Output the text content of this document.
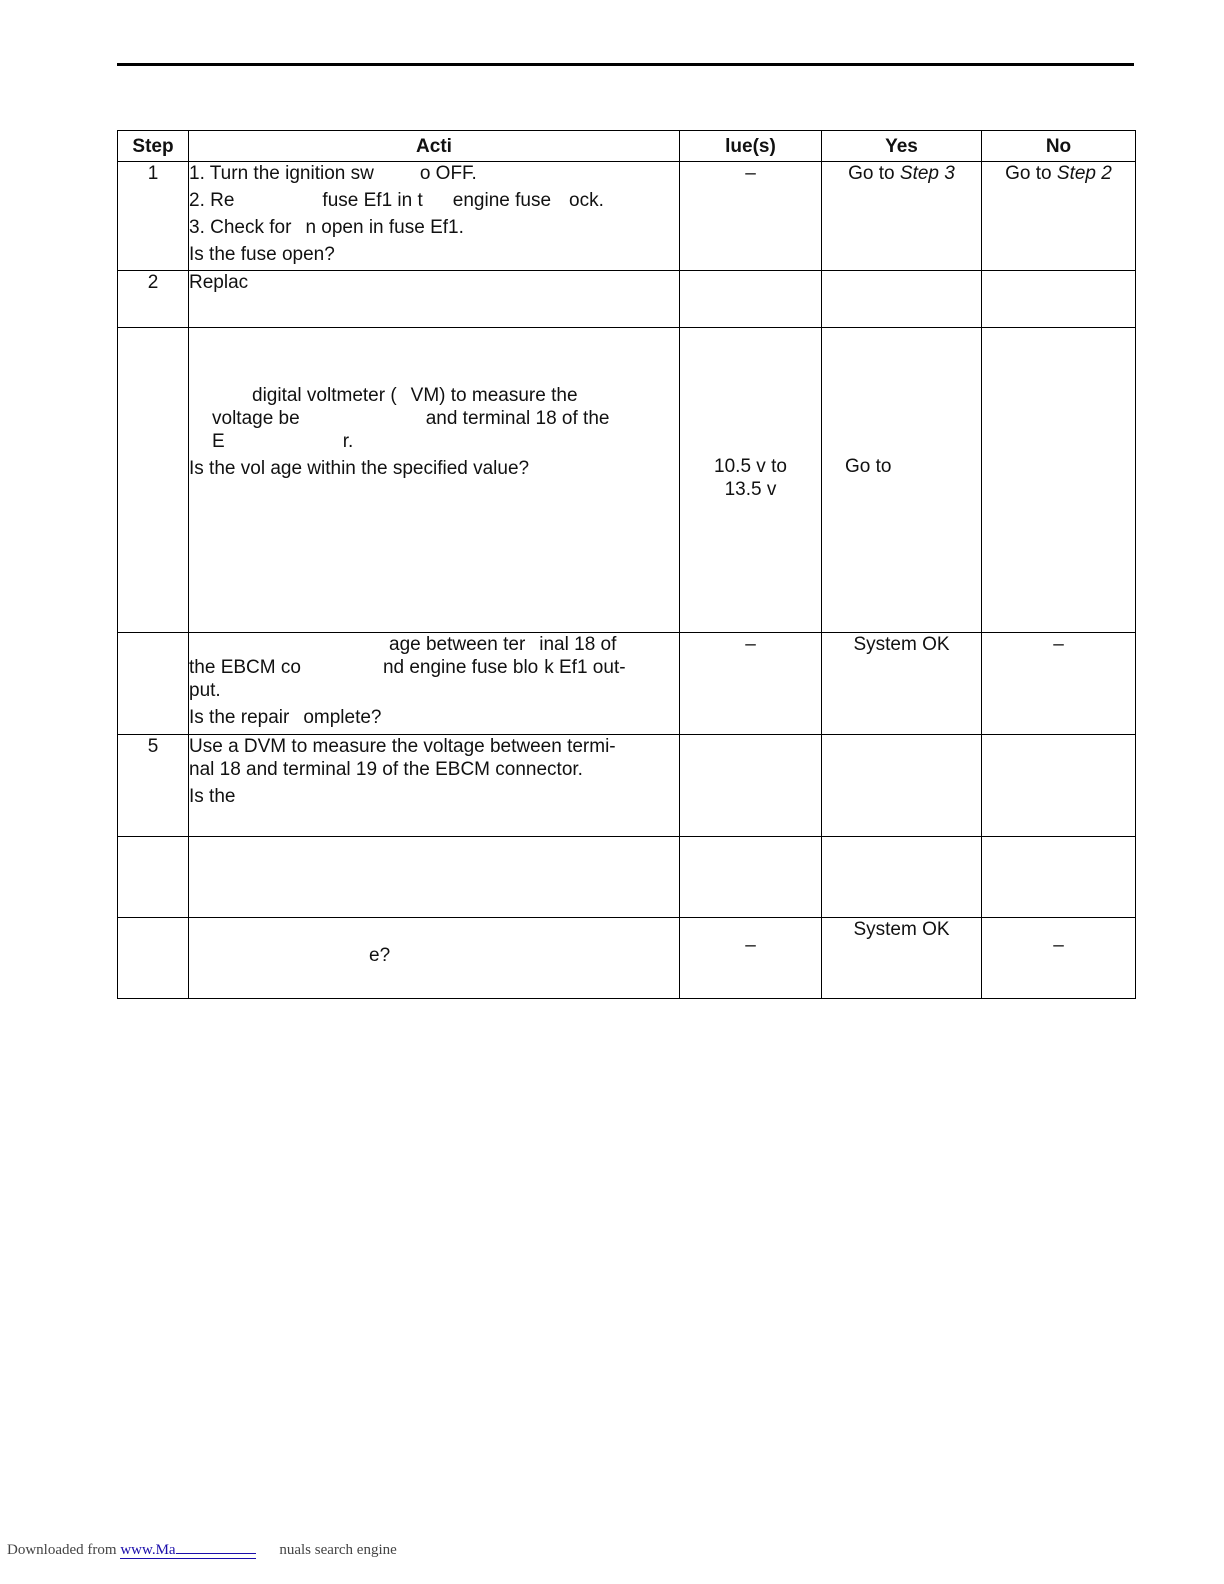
Step	Acti	lue(s)	Yes	No
1	1. Turn the ignition sw o OFF.
2. Re fuse Ef1 in t engine fuse ock.
3. Check for n open in fuse Ef1.
Is the fuse open?	–	Go to Step 3	Go to Step 2
2	Replac			

	digital voltmeter ( VM) to measure the
voltage be and terminal 18 of the
E r.
Is the vol age within the specified value?	10.5 v to
13.5 v	Go to	

	age between ter inal 18 of
the EBCM co nd engine fuse blo k Ef1 out-
put.
Is the repair omplete?	–	System OK	–
5	Use a DVM to measure the voltage between termi-
nal 18 and terminal 19 of the EBCM connector.
Is the			

	e?	–	System OK	–
Downloaded from www.Ma	nuals search engine
